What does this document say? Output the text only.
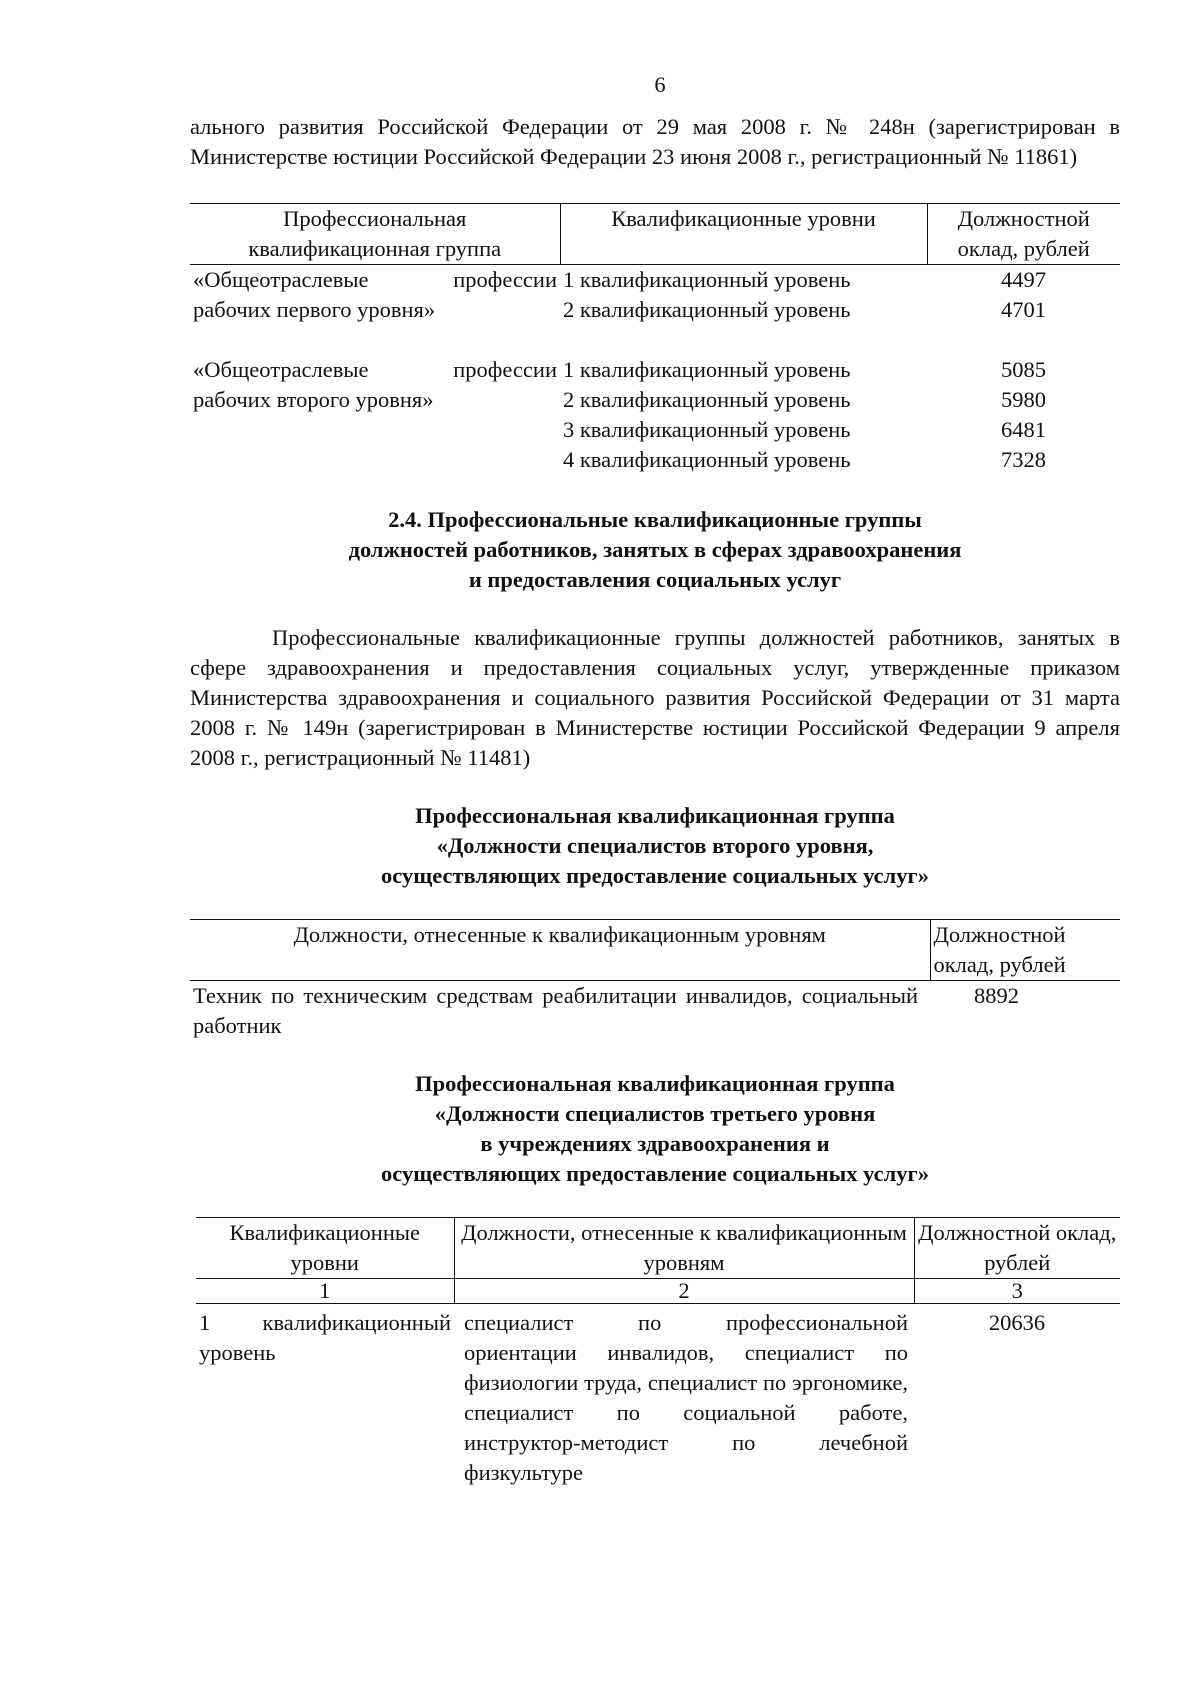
6

ального развития Российской Федерации от 29 мая 2008 г. № 248н (зарегистрирован в Министерстве юстиции Российской Федерации 23 июня 2008 г., регистрационный № 11861)

Профессиональная квалификационная группа	Квалификационные уровни	Должностной оклад, рублей
«Общеотраслевые профессии рабочих первого уровня»	1 квалификационный уровень	4497
	2 квалификационный уровень	4701

«Общеотраслевые профессии рабочих второго уровня»	1 квалификационный уровень	5085
	2 квалификационный уровень	5980
	3 квалификационный уровень	6481
	4 квалификационный уровень	7328

2.4. Профессиональные квалификационные группы

должностей работников, занятых в сферах здравоохранения

и предоставления социальных услуг

Профессиональные квалификационные группы должностей работников, занятых в сфере здравоохранения и предоставления социальных услуг, утвержденные приказом Министерства здравоохранения и социального развития Российской Федерации от 31 марта 2008 г. № 149н (зарегистрирован в Министерстве юстиции Российской Федерации 9 апреля 2008 г., регистрационный № 11481)

Профессиональная квалификационная группа

«Должности специалистов второго уровня,

осуществляющих предоставление социальных услуг»

Должности, отнесенные к квалификационным уровням	Должностной оклад, рублей
Техник по техническим средствам реабилитации инвалидов, социальный работник	8892

Профессиональная квалификационная группа

«Должности специалистов третьего уровня

в учреждениях здравоохранения и

осуществляющих предоставление социальных услуг»

Квалификационные уровни	Должности, отнесенные к квалификационным уровням	Должностной оклад, рублей
1	2	3
1 квалификационный уровень	специалист по профессиональной ориентации инвалидов, специалист по физиологии труда, специалист по эргономике, специалист по социальной работе, инструктор-методист по лечебной физкультуре	20636
